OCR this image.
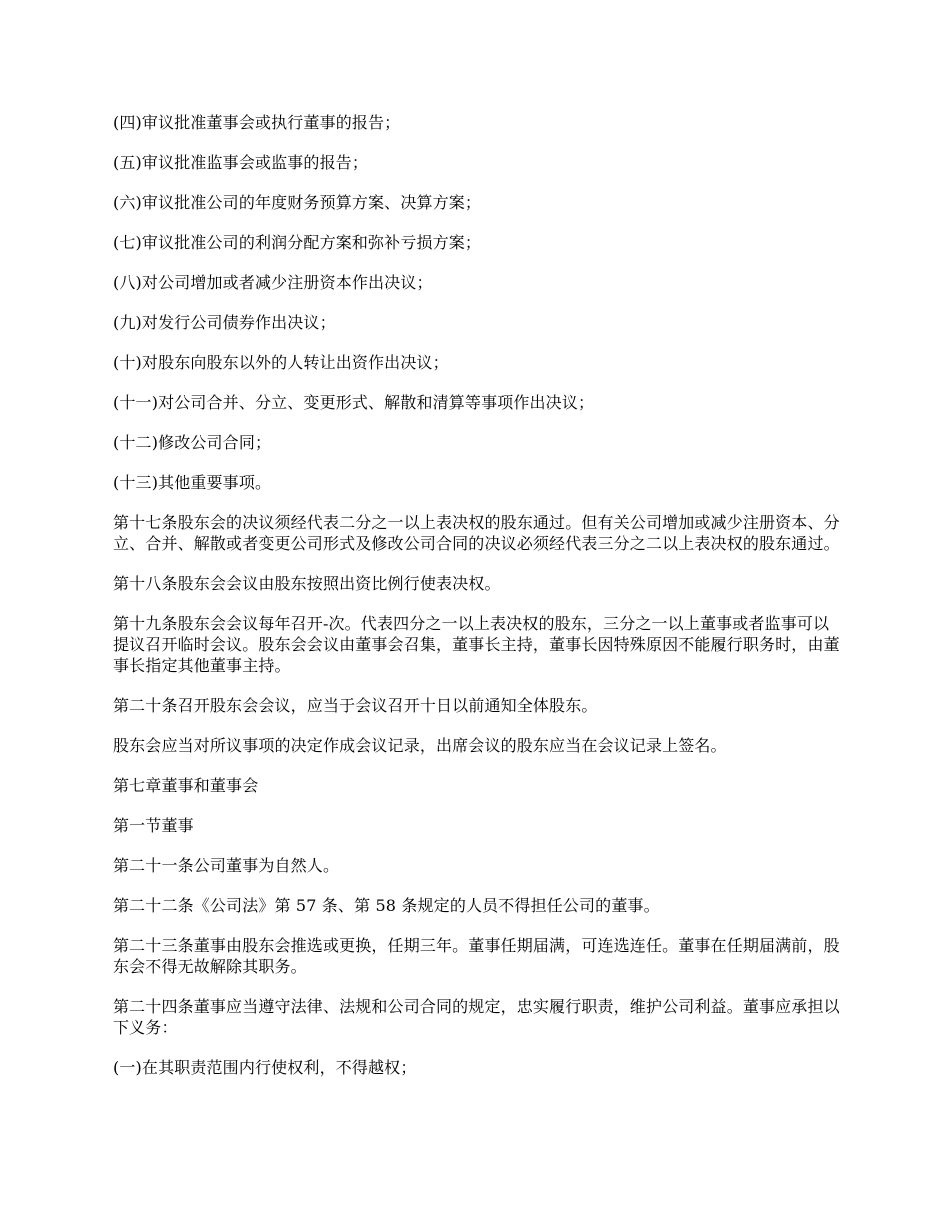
(四)审议批准董事会或执行董事的报告；

(五)审议批准监事会或监事的报告；

(六)审议批准公司的年度财务预算方案、决算方案；

(七)审议批准公司的利润分配方案和弥补亏损方案；

(八)对公司增加或者减少注册资本作出决议；

(九)对发行公司债券作出决议；

(十)对股东向股东以外的人转让出资作出决议；

(十一)对公司合并、分立、变更形式、解散和清算等事项作出决议；

(十二)修改公司合同；

(十三)其他重要事项。

第十七条股东会的决议须经代表二分之一以上表决权的股东通过。但有关公司增加或减少注册资本、分立、合并、解散或者变更公司形式及修改公司合同的决议必须经代表三分之二以上表决权的股东通过。

第十八条股东会会议由股东按照出资比例行使表决权。

第十九条股东会会议每年召开-次。代表四分之一以上表决权的股东，三分之一以上董事或者监事可以提议召开临时会议。股东会会议由董事会召集，董事长主持，董事长因特殊原因不能履行职务时，由董事长指定其他董事主持。

第二十条召开股东会会议，应当于会议召开十日以前通知全体股东。

股东会应当对所议事项的决定作成会议记录，出席会议的股东应当在会议记录上签名。

第七章董事和董事会

第一节董事

第二十一条公司董事为自然人。

第二十二条《公司法》第 57 条、第 58 条规定的人员不得担任公司的董事。

第二十三条董事由股东会推选或更换，任期三年。董事任期届满，可连选连任。董事在任期届满前，股东会不得无故解除其职务。

第二十四条董事应当遵守法律、法规和公司合同的规定，忠实履行职责，维护公司利益。董事应承担以下义务：

(一)在其职责范围内行使权利，不得越权；
